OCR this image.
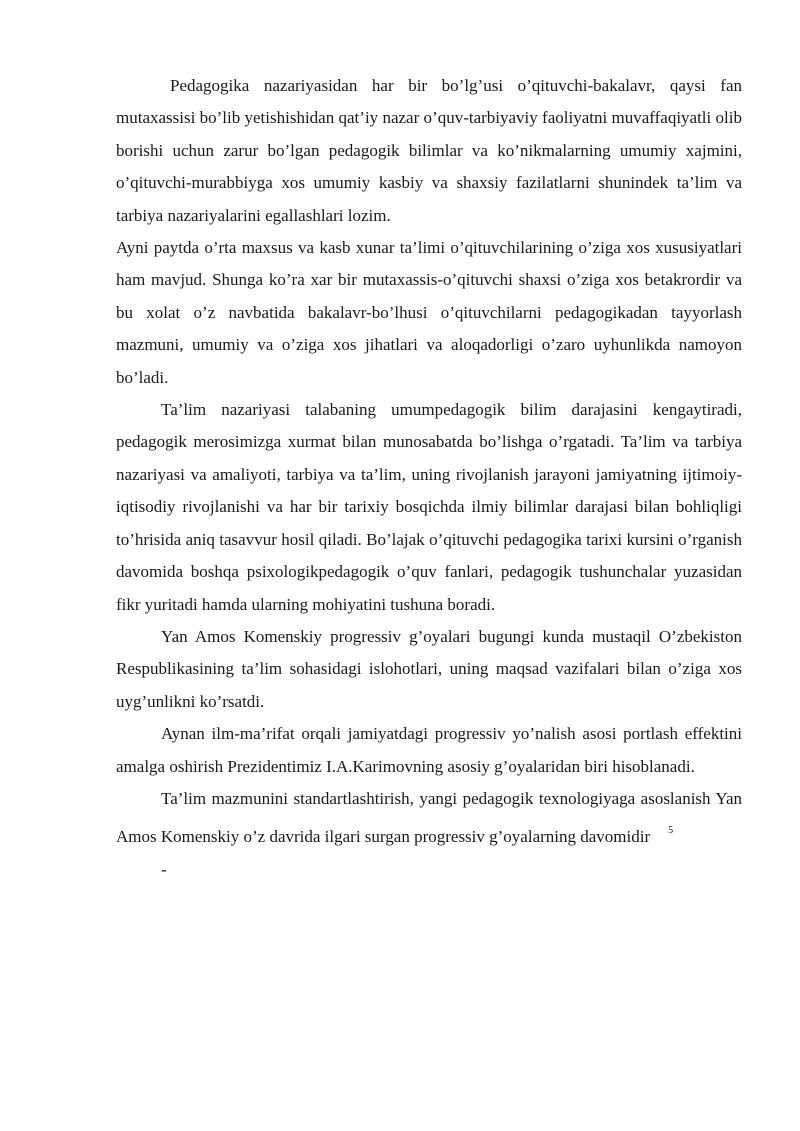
Pedagogika nazariyasidan har bir bo’lg’usi o’qituvchi-bakalavr, qaysi fan mutaxassisi bo’lib yetishishidan qat’iy nazar o’quv-tarbiyaviy faoliyatni muvaffaqiyatli olib borishi uchun zarur bo’lgan pedagogik bilimlar va ko’nikmalarning umumiy xajmini, o’qituvchi-murabbiyga xos umumiy kasbiy va shaxsiy fazilatlarni shunindek ta’lim va tarbiya nazariyalarini egallashlari lozim.

Ayni paytda o’rta maxsus va kasb xunar ta’limi o’qituvchilarining o’ziga xos xususiyatlari ham mavjud. Shunga ko’ra xar bir mutaxassis-o’qituvchi shaxsi o’ziga xos betakrordir va bu xolat o’z navbatida bakalavr-bo’lhusi o’qituvchilarni pedagogikadan tayyorlash mazmuni, umumiy va o’ziga xos jihatlari va aloqadorligi o’zaro uyhunlikda namoyon bo’ladi.

Ta’lim nazariyasi talabaning umumpedagogik bilim darajasini kengaytiradi, pedagogik merosimizga xurmat bilan munosabatda bo’lishga o’rgatadi. Ta’lim va tarbiya nazariyasi va amaliyoti, tarbiya va ta’lim, uning rivojlanish jarayoni jamiyatning ijtimoiy-iqtisodiy rivojlanishi va har bir tarixiy bosqichda ilmiy bilimlar darajasi bilan bohliqligi to’hrisida aniq tasavvur hosil qiladi. Bo’lajak o’qituvchi pedagogika tarixi kursini o’rganish davomida boshqa psixologikpedagogik o’quv fanlari, pedagogik tushunchalar yuzasidan fikr yuritadi hamda ularning mohiyatini tushuna boradi.

Yan Amos Komenskiy progressiv g’oyalari bugungi kunda mustaqil O’zbekiston Respublikasining ta’lim sohasidagi islohotlari, uning maqsad vazifalari bilan o’ziga xos uyg’unlikni ko’rsatdi.

Aynan ilm-ma’rifat orqali jamiyatdagi progressiv yo’nalish asosi portlash effektini amalga oshirish Prezidentimiz I.A.Karimovning asosiy g’oyalaridan biri hisoblanadi.

Ta’lim mazmunini standartlashtirish, yangi pedagogik texnologiyaga asoslanish Yan Amos Komenskiy o’z davrida ilgari surgan progressiv g’oyalarning davomidir $^5$

-
